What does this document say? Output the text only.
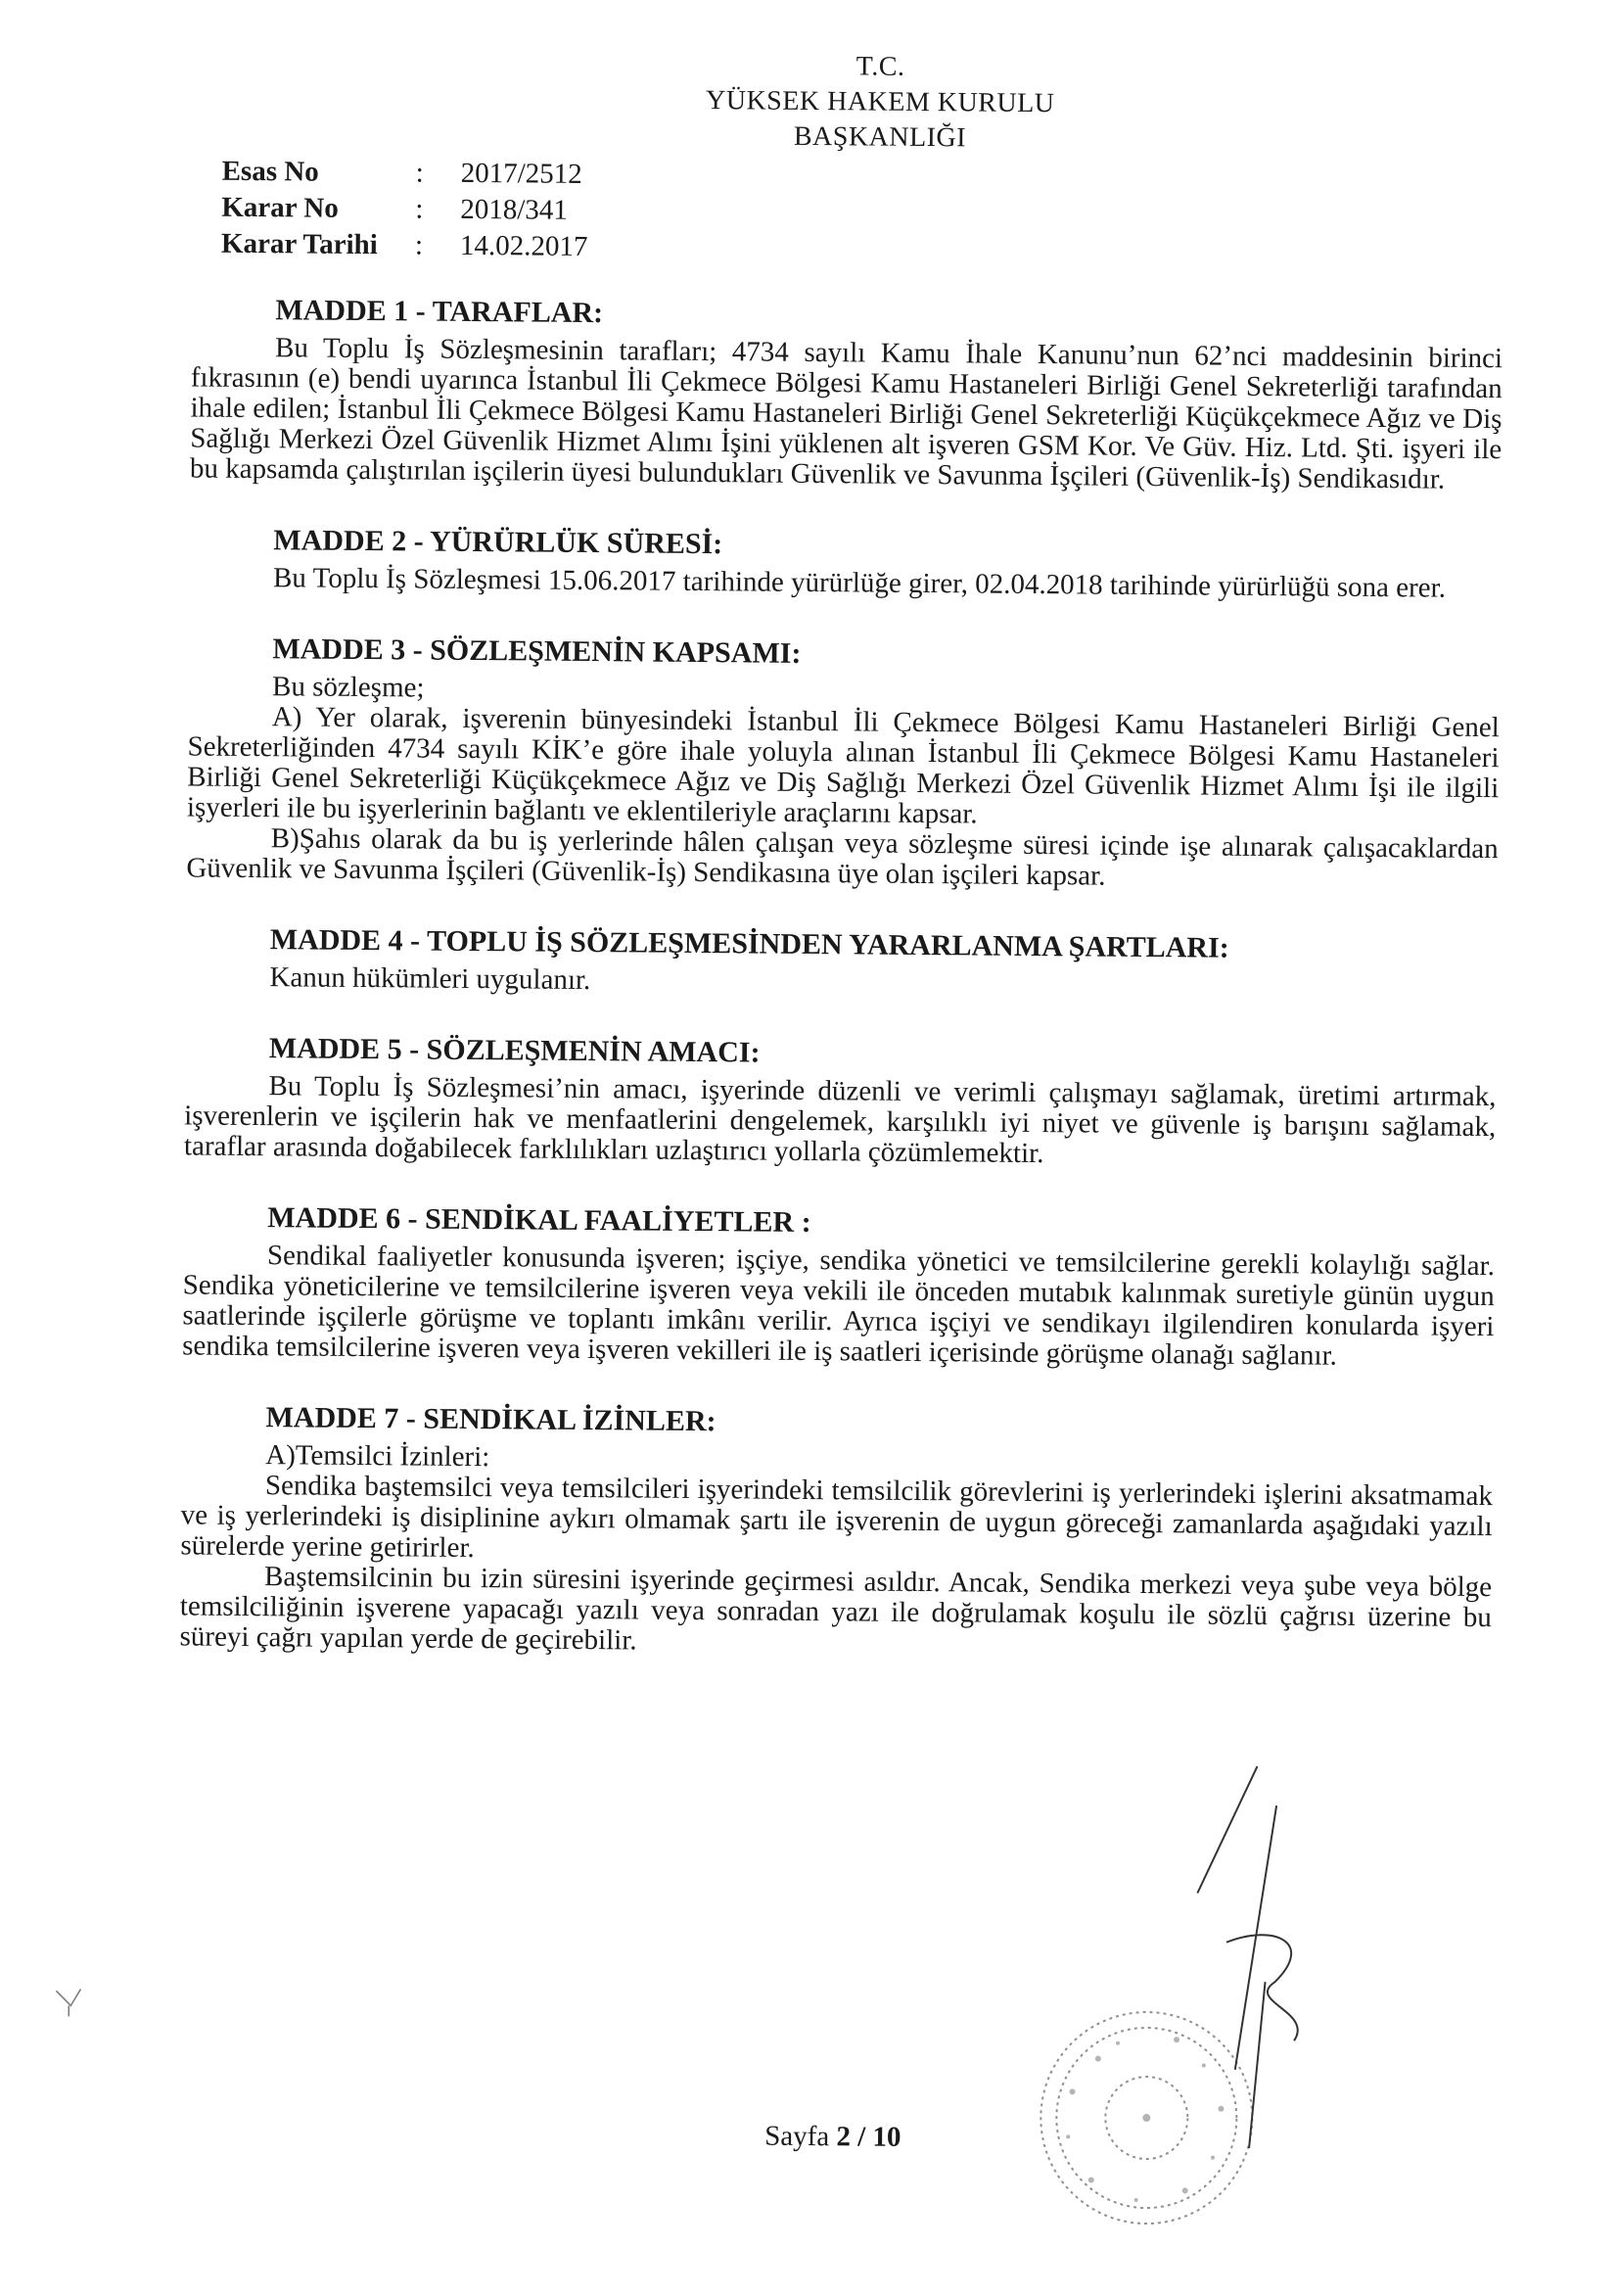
T.C.
YÜKSEK HAKEM KURULU
BAŞKANLIĞI
Esas No	:	2017/2512
Karar No	:	2018/341
Karar Tarihi	:	14.02.2017
MADDE 1 - TARAFLAR:

Bu Toplu İş Sözleşmesinin tarafları; 4734 sayılı Kamu İhale Kanunu’nun 62’nci maddesinin birinci fıkrasının (e) bendi uyarınca İstanbul İli Çekmece Bölgesi Kamu Hastaneleri Birliği Genel Sekreterliği tarafından ihale edilen; İstanbul İli Çekmece Bölgesi Kamu Hastaneleri Birliği Genel Sekreterliği Küçükçekmece Ağız ve Diş Sağlığı Merkezi Özel Güvenlik Hizmet Alımı İşini yüklenen alt işveren GSM Kor. Ve Güv. Hiz. Ltd. Şti. işyeri ile bu kapsamda çalıştırılan işçilerin üyesi bulundukları Güvenlik ve Savunma İşçileri (Güvenlik-İş) Sendikasıdır.

MADDE 2 - YÜRÜRLÜK SÜRESİ:

Bu Toplu İş Sözleşmesi 15.06.2017 tarihinde yürürlüğe girer, 02.04.2018 tarihinde yürürlüğü sona erer.

MADDE 3 - SÖZLEŞMENİN KAPSAMI:

Bu sözleşme;

A) Yer olarak, işverenin bünyesindeki İstanbul İli Çekmece Bölgesi Kamu Hastaneleri Birliği Genel Sekreterliğinden 4734 sayılı KİK’e göre ihale yoluyla alınan İstanbul İli Çekmece Bölgesi Kamu Hastaneleri Birliği Genel Sekreterliği Küçükçekmece Ağız ve Diş Sağlığı Merkezi Özel Güvenlik Hizmet Alımı İşi ile ilgili işyerleri ile bu işyerlerinin bağlantı ve eklentileriyle araçlarını kapsar.

B)Şahıs olarak da bu iş yerlerinde hâlen çalışan veya sözleşme süresi içinde işe alınarak çalışacaklardan Güvenlik ve Savunma İşçileri (Güvenlik-İş) Sendikasına üye olan işçileri kapsar.

MADDE 4 - TOPLU İŞ SÖZLEŞMESİNDEN YARARLANMA ŞARTLARI:

Kanun hükümleri uygulanır.

MADDE 5 - SÖZLEŞMENİN AMACI:

Bu Toplu İş Sözleşmesi’nin amacı, işyerinde düzenli ve verimli çalışmayı sağlamak, üretimi artırmak, işverenlerin ve işçilerin hak ve menfaatlerini dengelemek, karşılıklı iyi niyet ve güvenle iş barışını sağlamak, taraflar arasında doğabilecek farklılıkları uzlaştırıcı yollarla çözümlemektir.

MADDE 6 - SENDİKAL FAALİYETLER :

Sendikal faaliyetler konusunda işveren; işçiye, sendika yönetici ve temsilcilerine gerekli kolaylığı sağlar. Sendika yöneticilerine ve temsilcilerine işveren veya vekili ile önceden mutabık kalınmak suretiyle günün uygun saatlerinde işçilerle görüşme ve toplantı imkânı verilir. Ayrıca işçiyi ve sendikayı ilgilendiren konularda işyeri sendika temsilcilerine işveren veya işveren vekilleri ile iş saatleri içerisinde görüşme olanağı sağlanır.

MADDE 7 - SENDİKAL İZİNLER:

A)Temsilci İzinleri:

Sendika baştemsilci veya temsilcileri işyerindeki temsilcilik görevlerini iş yerlerindeki işlerini aksatmamak ve iş yerlerindeki iş disiplinine aykırı olmamak şartı ile işverenin de uygun göreceği zamanlarda aşağıdaki yazılı sürelerde yerine getirirler.

Baştemsilcinin bu izin süresini işyerinde geçirmesi asıldır. Ancak, Sendika merkezi veya şube veya bölge temsilciliğinin işverene yapacağı yazılı veya sonradan yazı ile doğrulamak koşulu ile sözlü çağrısı üzerine bu süreyi çağrı yapılan yerde de geçirebilir.

Sayfa 2 / 10
